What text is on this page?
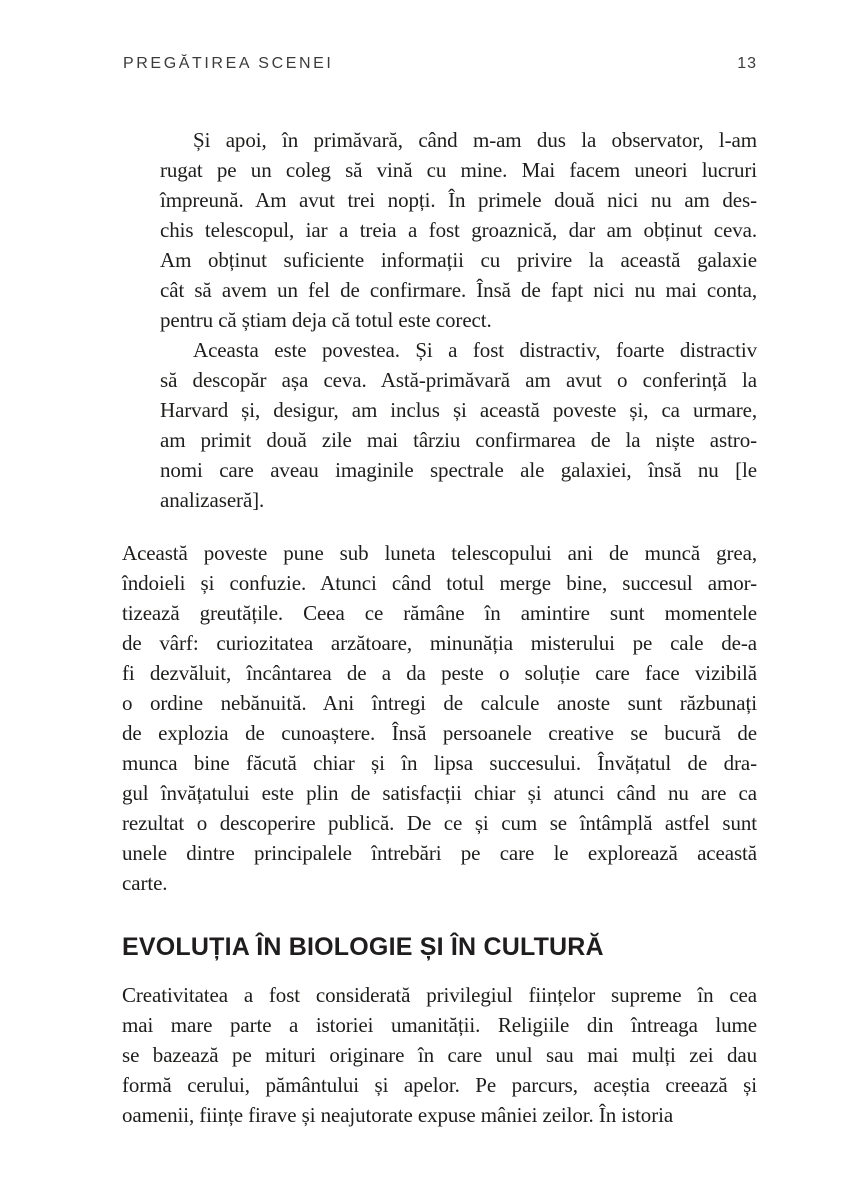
PREGĂTIREA SCENEI	13

Și apoi, în primăvară, când m-am dus la observator, l-am
rugat pe un coleg să vină cu mine. Mai facem uneori lucruri
împreună. Am avut trei nopți. În primele două nici nu am des-
chis telescopul, iar a treia a fost groaznică, dar am obținut ceva.
Am obținut suficiente informații cu privire la această galaxie
cât să avem un fel de confirmare. Însă de fapt nici nu mai conta,
pentru că știam deja că totul este corect.

Aceasta este povestea. Și a fost distractiv, foarte distractiv
să descopăr așa ceva. Astă-primăvară am avut o conferință la
Harvard și, desigur, am inclus și această poveste și, ca urmare,
am primit două zile mai târziu confirmarea de la niște astro-
nomi care aveau imaginile spectrale ale galaxiei, însă nu [le
analizaseră].

Această poveste pune sub luneta telescopului ani de muncă grea,
îndoieli și confuzie. Atunci când totul merge bine, succesul amor-
tizează greutățile. Ceea ce rămâne în amintire sunt momentele
de vârf: curiozitatea arzătoare, minunăția misterului pe cale de-a
fi dezvăluit, încântarea de a da peste o soluție care face vizibilă
o ordine nebănuită. Ani întregi de calcule anoste sunt răzbunați
de explozia de cunoaștere. Însă persoanele creative se bucură de
munca bine făcută chiar și în lipsa succesului. Învățatul de dra-
gul învățatului este plin de satisfacții chiar și atunci când nu are ca
rezultat o descoperire publică. De ce și cum se întâmplă astfel sunt
unele dintre principalele întrebări pe care le explorează această
carte.

EVOLUȚIA ÎN BIOLOGIE ȘI ÎN CULTURĂ

Creativitatea a fost considerată privilegiul ființelor supreme în cea
mai mare parte a istoriei umanității. Religiile din întreaga lume
se bazează pe mituri originare în care unul sau mai mulți zei dau
formă cerului, pământului și apelor. Pe parcurs, aceștia creează și
oamenii, ființe firave și neajutorate expuse mâniei zeilor. În istoria
